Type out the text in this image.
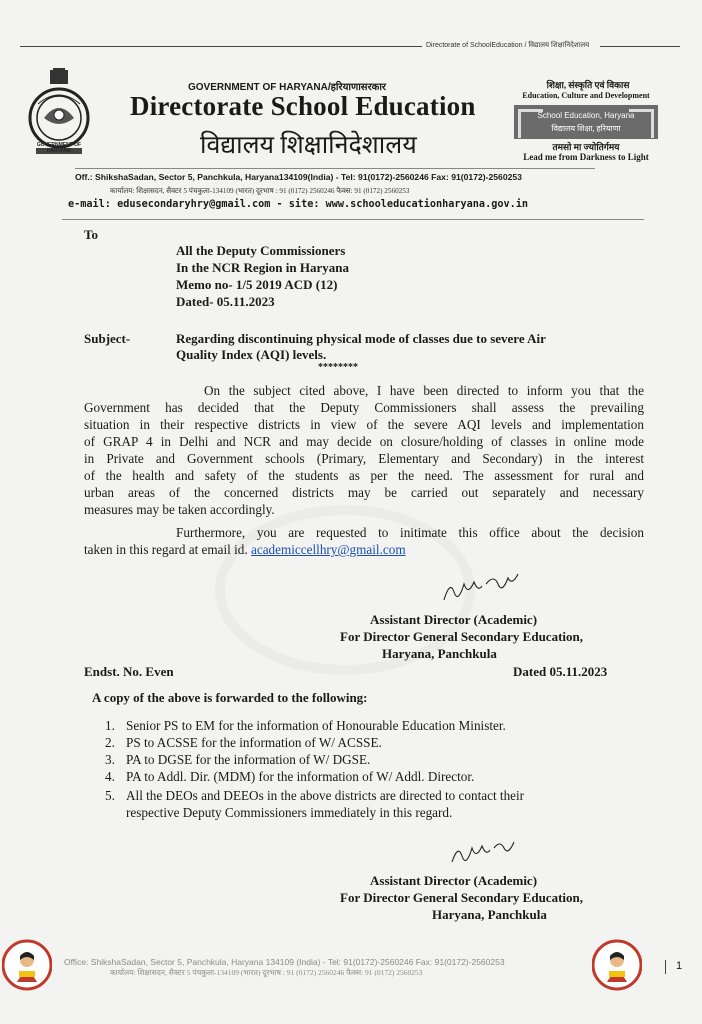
Directorate of SchoolEducation / विद्यालय शिक्षानिदेशालय
GOVERNMENT OF HARYANA
GOVERNMENT OF HARYANA/हरियाणासरकार
Directorate School Education
विद्यालय शिक्षानिदेशालय
शिक्षा, संस्कृति एवं विकास
Education, Culture and Development
School Education, Haryana
विद्यालय शिक्षा, हरियाणा
तमसो मा ज्योतिर्गमय
Lead me from Darkness to Light
Off.: ShikshaSadan, Sector 5, Panchkula, Haryana134109(India) - Tel: 91(0172)-2560246 Fax: 91(0172)-2560253
कार्यालय: शिक्षासदन, सैक्टर 5 पंचकुला-134109 (भारत) दूरभाष : 91 (0172) 2560246 फैक्स: 91 (0172) 2560253
e-mail: edusecondaryhry@gmail.com - site: www.schooleducationharyana.gov.in
To
All the Deputy Commissioners
In the NCR Region in Haryana
Memo no- 1/5 2019 ACD (12)
Dated- 05.11.2023
Subject-	Regarding discontinuing physical mode of classes due to severe Air
Quality Index (AQI) levels.
********
On the subject cited above, I have been directed to inform you that the
Government has decided that the Deputy Commissioners shall assess the prevailing
situation in their respective districts in view of the severe AQI levels and implementation
of GRAP 4 in Delhi and NCR and may decide on closure/holding of classes in online mode
in Private and Government schools (Primary, Elementary and Secondary) in the interest
of the health and safety of the students as per the need. The assessment for rural and
urban areas of the concerned districts may be carried out separately and necessary
measures may be taken accordingly.
Furthermore, you are requested to initimate this office about the decision
taken in this regard at email id. academiccellhry@gmail.com
Assistant Director (Academic)
For Director General Secondary Education,
Haryana, Panchkula
Endst. No. Even	Dated 05.11.2023
A copy of the above is forwarded to the following:
1. Senior PS to EM for the information of Honourable Education Minister.
2. PS to ACSSE for the information of W/ ACSSE.
3. PA to DGSE for the information of W/ DGSE.
4. PA to Addl. Dir. (MDM) for the information of W/ Addl. Director.
5. All the DEOs and DEEOs in the above districts are directed to contact their
respective Deputy Commissioners immediately in this regard.
Assistant Director (Academic)
For Director General Secondary Education,
Haryana, Panchkula
Office: ShikshaSadan, Sector 5, Panchkula, Haryana 134109 (India) - Tel: 91(0172)-2560246 Fax: 91(0172)-2560253
कार्यालय: शिक्षासदन, सैक्टर 5 पंचकुला-134109 (भारत) दूरभाष : 91 (0172) 2560246 फैक्स: 91 (0172) 2560253
1
